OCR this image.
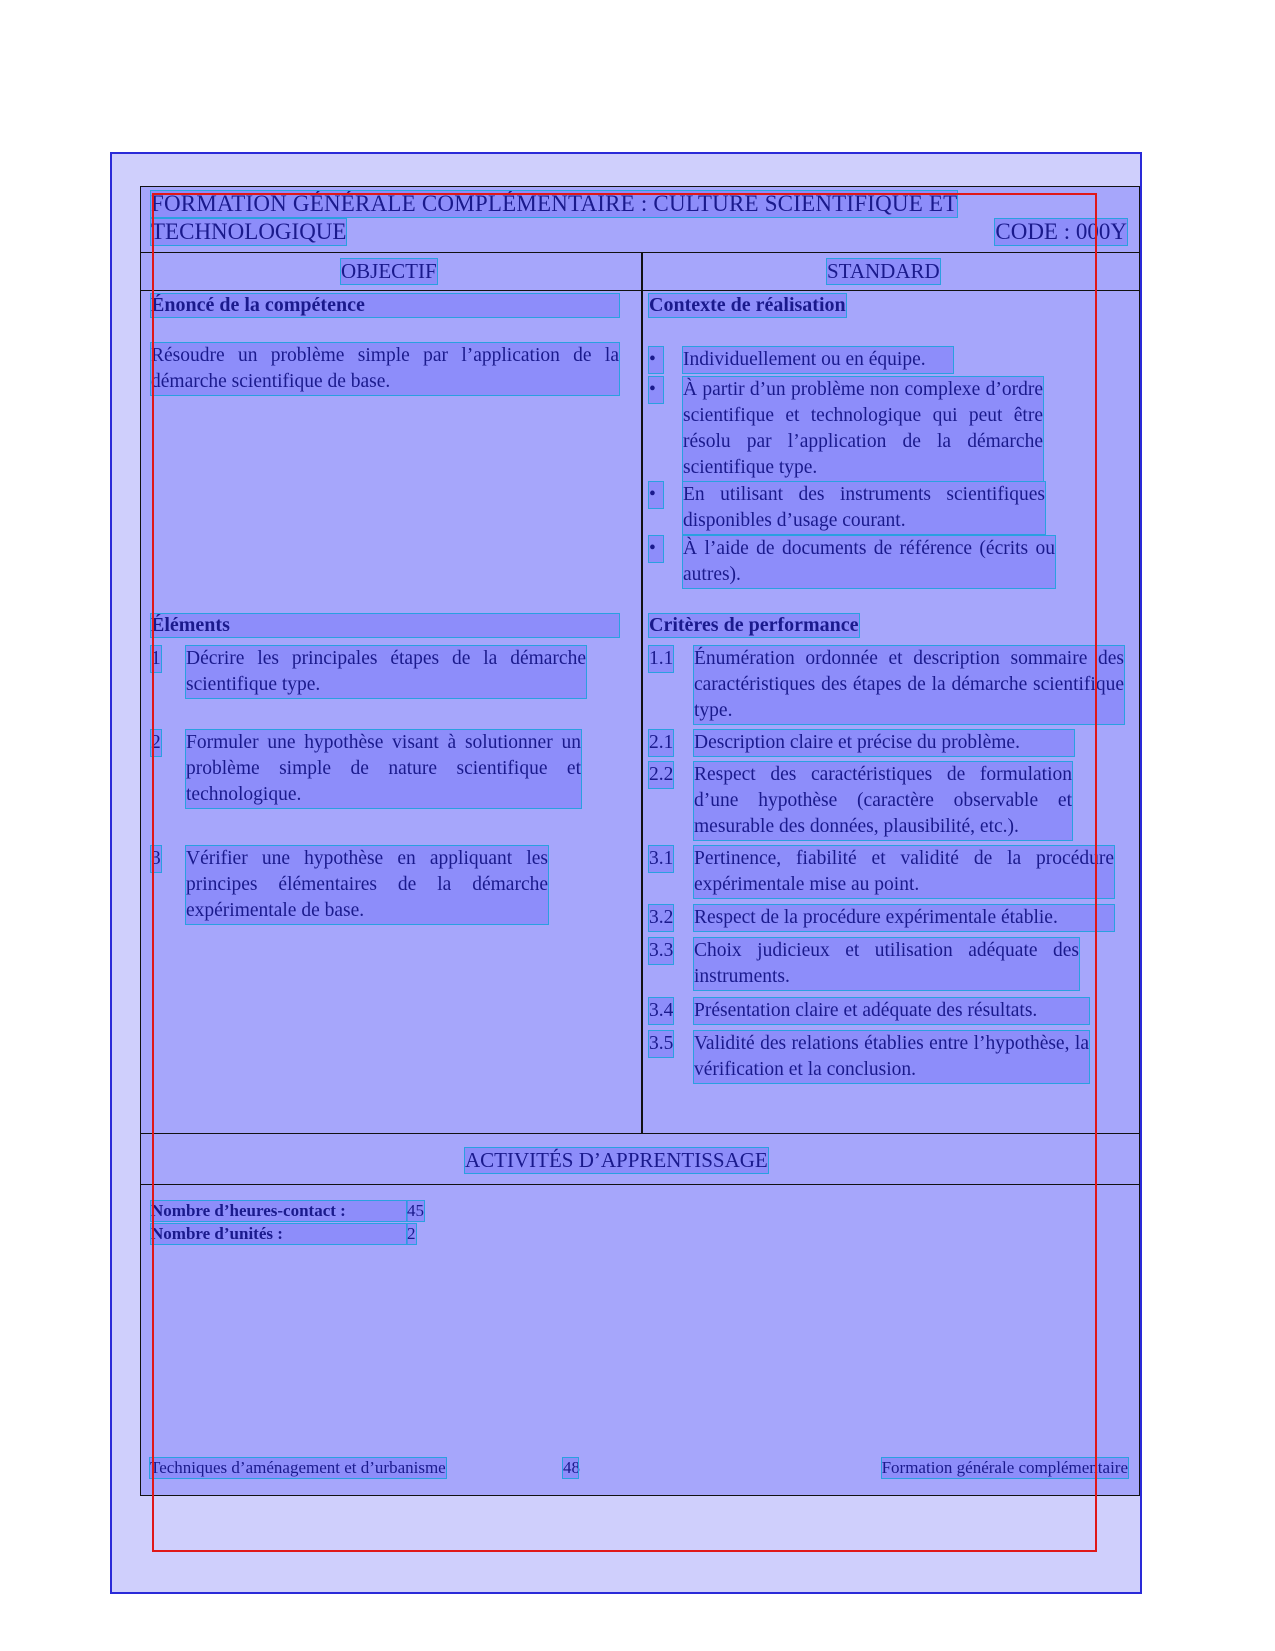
FORMATION GÉNÉRALE COMPLÉMENTAIRE : CULTURE SCIENTIFIQUE ET
TECHNOLOGIQUE	CODE : 000Y
OBJECTIF	STANDARD
Énoncé de la compétence
Résoudre un problème simple par l’application de la démarche scientifique de base.
Éléments
1 Décrire les principales étapes de la démarche scientifique type.
2 Formuler une hypothèse visant à solutionner un problème simple de nature scientifique et technologique.
3 Vérifier une hypothèse en appliquant les principes élémentaires de la démarche expérimentale de base.
Contexte de réalisation
•	Individuellement ou en équipe.
•	À partir d’un problème non complexe d’ordre scientifique et technologique qui peut être résolu par l’application de la démarche scientifique type.
•	En utilisant des instruments scientifiques disponibles d’usage courant.
•	À l’aide de documents de référence (écrits ou autres).
Critères de performance
1.1 Énumération ordonnée et description sommaire des caractéristiques des étapes de la démarche scientifique type.
2.1 Description claire et précise du problème.
2.2 Respect des caractéristiques de formulation d’une hypothèse (caractère observable et mesurable des données, plausibilité, etc.).
3.1 Pertinence, fiabilité et validité de la procédure expérimentale mise au point.
3.2 Respect de la procédure expérimentale établie.
3.3 Choix judicieux et utilisation adéquate des instruments.
3.4 Présentation claire et adéquate des résultats.
3.5 Validité des relations établies entre l’hypothèse, la vérification et la conclusion.
ACTIVITÉS D’APPRENTISSAGE
Nombre d’heures-contact :	45
Nombre d’unités :	2
Techniques d’aménagement et d’urbanisme	48	Formation générale complémentaire
